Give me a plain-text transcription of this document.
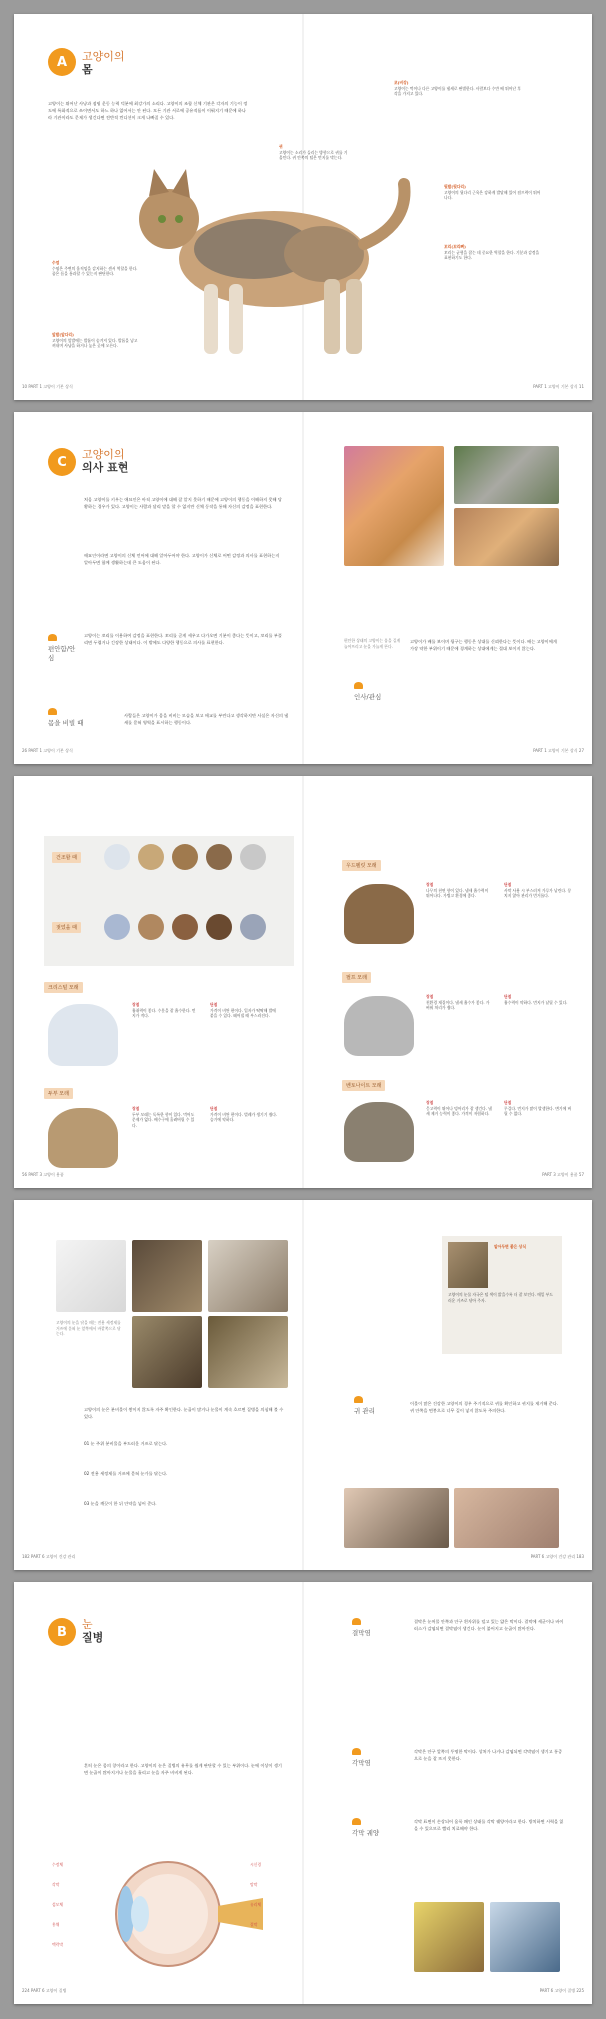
A	고양이의
몸
고양이는 뛰어난 사냥과 점핑 운동 능력 덕분에 최강가의 소리다. 고양이의 조합 신체 기관은 각자의 기능이 정도에 특화적으로 쓰이면서도 하느 하나 없어서는 안 된다. 모든 기관 서로에 공유적틈이 이뤄지기 때문에 하나라 기관이라도 문제가 생긴다면 전반적 컨디션이 크게 나빠질 수 있다.
귀
고양이는 소리가 들리는 방향으로 귀를 기울인다. 귀 안쪽의 털은 먼지를 막는다.
코(비강)
고양이는 먹이나 다른 고양이를 냄새로 판별한다. 사람보다 수만 배 뛰어난 후각을 가지고 있다.
수염
수염은 주변의 움직임을 감지하는 센서 역할을 한다. 좁은 틈을 통과할 수 있는지 판단한다.
앞발(앞다리)
고양이의 앞발에는 발톱이 숨겨져 있다. 발톱을 넣고 꺼내며 사냥을 하거나 높은 곳에 오른다.
뒷발(뒷다리)
고양이의 뒷다리 근육은 강하게 발달해 있어 점프력이 뛰어나다.
꼬리(꼬리뼈)
꼬리는 균형을 잡는 데 중요한 역할을 한다. 기분과 감정을 표현하기도 한다.
10 PART 1 고양이 기본 상식	PART 1 고양이 기본 상식 11
C	고양이의
의사 표현
처음 고양이를 키우는 애묘인은 아직 고양이에 대해 잘 알지 못하기 때문에 고양이의 행동을 이해하지 못해 당황하는 경우가 있다. 고양이는 사람과 달리 말을 할 수 없지만 신체 동작을 통해 자신의 감정을 표현한다.
애묘인이라면 고양이의 신체 언어에 대해 알아두어야 한다. 고양이가 신체로 어떤 감정과 의사를 표현하는지 알아두면 함께 생활하는데 큰 도움이 된다.
편안함/안심
고양이는 꼬리를 이용하여 감정을 표현한다. 꼬리를 곧게 세우고 다가오면 기분이 좋다는 뜻이고, 꼬리를 부풀리면 두렵거나 긴장한 상태이다. 이 밖에도 다양한 행동으로 의사를 표현한다.
몸을 비빌 때
사람들은 고양이가 몸을 비비는 모습을 보고 애교를 부린다고 생각하지만 사실은 자신의 냄새를 묻혀 영역을 표시하는 행동이다.
편안한 상태의 고양이는 몸을 길게 늘어뜨리고 눈을 가늘게 뜬다.
고양이가 배를 보이며 뒹구는 행동은 상대를 신뢰한다는 뜻이다. 배는 고양이에게 가장 약한 부위이기 때문에 경계하는 상대에게는 절대 보이지 않는다.
인사/관심
26 PART 1 고양이 기본 상식	PART 1 고양이 기본 상식 27
건조할 때
젖었을 때
크리스털 모래
장점
흡취력이 좋다. 수분을 잘 흡수한다. 먼지가 적다.
단점
가격이 비싼 편이다. 입자가 딱딱해 발에 붙을 수 있다. 떼어낼 때 부스러진다.
두부 모래
장점
두부 모래는 독특한 향이 있다. 먹어도 문제가 없다. 배수구에 흘려버릴 수 있다.
단점
가격이 비싼 편이다. 벌레가 생기기 쉽다. 습기에 약하다.
우드펠릿 모래
장점
나무의 천연 향이 있다. 냄새 흡수력이 뛰어나다. 가볍고 환경에 좋다.
단점
사막 사용 시 부스러져 가루가 날린다. 뭉치지 않아 관리가 번거롭다.
펄프 모래
장점
친환경 재질이다. 냄새 흡수가 좋다. 가벼워 처리가 쉽다.
단점
흡수력이 약하다. 먼지가 날릴 수 있다.
벤토나이트 모래
장점
응고력이 뛰어나 덩어리가 잘 생긴다. 냄새 제거 능력이 좋다. 가격이 저렴하다.
단점
무겁다. 먼지가 많이 발생한다. 변기에 버릴 수 없다.
56 PART 3 고양이 용품	PART 3 고양이 용품 57
고양이의 눈을 닦을 때는 전용 세정제를 거즈에 묻혀 눈 앞쪽에서 바깥쪽으로 닦는다.
고양이의 눈은 분비물이 쌓이지 않도록 자주 확인한다. 눈곱이 많거나 눈물이 계속 흐르면 질병을 의심해 볼 수 있다.
01 눈 주위 분비물을 부드러운 거즈로 닦는다.
02 전용 세정제를 거즈에 묻혀 눈가를 닦는다.
03 눈을 깨끗이 한 뒤 안약을 넣어 준다.
알아두면 좋은 상식
고양이의 눈물 자국은 털 색이 밝을수록 더 잘 보인다. 매일 부드러운 거즈로 닦아 주자.
귀 관리
이물이 많은 건강한 고양이의 경우 주기적으로 귀를 확인하고 귀지를 제거해 준다. 귀 안쪽을 면봉으로 너무 깊이 넣지 않도록 주의한다.
182 PART 6 고양이 건강 관리	PART 6 고양이 건강 관리 183
B	눈
질병
흔히 눈은 몸의 창이라고 한다. 고양이의 눈은 질병의 유무를 쉽게 판단할 수 있는 부위이다. 눈에 이상이 생기면 눈곱이 많아지거나 눈물을 흘리고 눈을 자주 비비게 된다.
수정체
각막
섬모체
홍채
맥락막
시신경
망막
유리체
결막
결막염
결막은 눈꺼풀 안쪽과 안구 흰자위를 덮고 있는 얇은 막이다. 결막에 세균이나 바이러스가 감염되면 결막염이 생긴다. 눈이 붉어지고 눈곱이 많아진다.
각막염
각막은 안구 앞쪽의 투명한 막이다. 상처가 나거나 감염되면 각막염이 생기고 통증으로 눈을 잘 뜨지 못한다.
각막 궤양
각막 표면이 손상되어 움푹 패인 상태를 각막 궤양이라고 한다. 방치하면 시력을 잃을 수 있으므로 빨리 치료해야 한다.
224 PART 6 고양이 질병	PART 6 고양이 질병 225
